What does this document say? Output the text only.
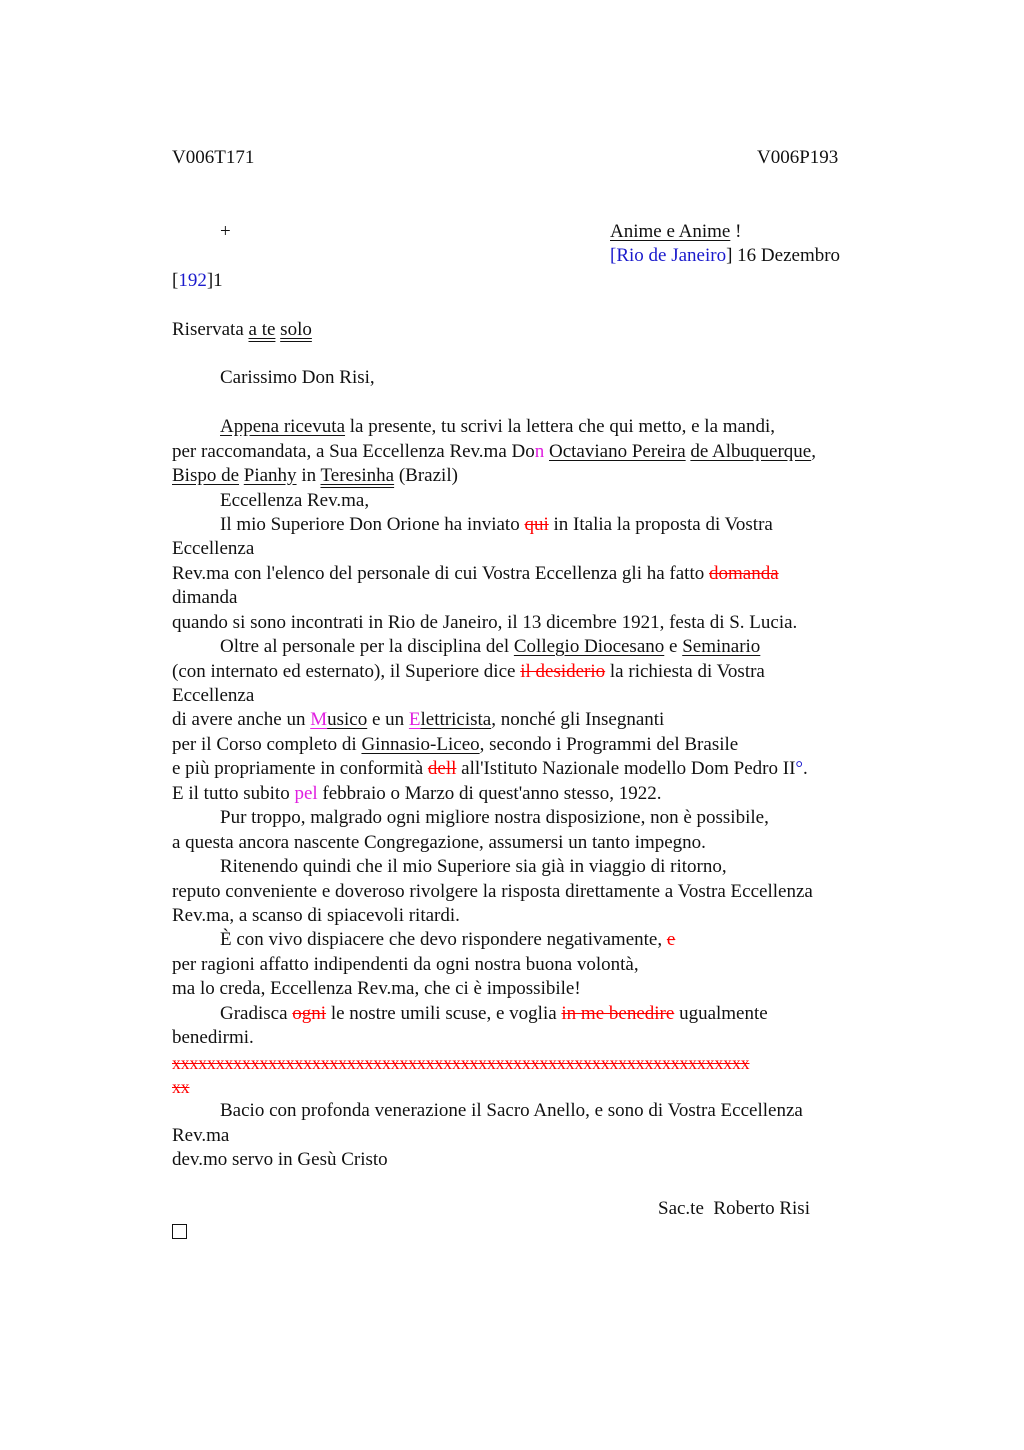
V006T171	V006P193
+	Anime e Anime !
[Rio de Janeiro] 16 Dezembro
[192]1
Riservata a te solo
Carissimo Don Risi,
Appena ricevuta la presente, tu scrivi la lettera che qui metto, e la mandi,
per raccomandata, a Sua Eccellenza Rev.ma Don Octaviano Pereira de Albuquerque,
Bispo de Pianhy in Teresinha (Brazil)
Eccellenza Rev.ma,
Il mio Superiore Don Orione ha inviato qui in Italia la proposta di Vostra
Eccellenza
Rev.ma con l'elenco del personale di cui Vostra Eccellenza gli ha fatto domanda
dimanda
quando si sono incontrati in Rio de Janeiro, il 13 dicembre 1921, festa di S. Lucia.
Oltre al personale per la disciplina del Collegio Diocesano e Seminario
(con internato ed esternato), il Superiore dice il desiderio la richiesta di Vostra
Eccellenza
di avere anche un Musico e un Elettricista, nonché gli Insegnanti
per il Corso completo di Ginnasio-Liceo, secondo i Programmi del Brasile
e più propriamente in conformità dell all'Istituto Nazionale modello Dom Pedro II°.
E il tutto subito pel febbraio o Marzo di quest'anno stesso, 1922.
Pur troppo, malgrado ogni migliore nostra disposizione, non è possibile,
a questa ancora nascente Congregazione, assumersi un tanto impegno.
Ritenendo quindi che il mio Superiore sia già in viaggio di ritorno,
reputo conveniente e doveroso rivolgere la risposta direttamente a Vostra Eccellenza
Rev.ma, a scanso di spiacevoli ritardi.
È con vivo dispiacere che devo rispondere negativamente, e
per ragioni affatto indipendenti da ogni nostra buona volontà,
ma lo creda, Eccellenza Rev.ma, che ci è impossibile!
Gradisca ogni le nostre umili scuse, e voglia in me benedire ugualmente
benedirmi.
xxxxxxxxxxxxxxxxxxxxxxxxxxxxxxxxxxxxxxxxxxxxxxxxxxxxxxxxxxxxxxxxxx
xx
Bacio con profonda venerazione il Sacro Anello, e sono di Vostra Eccellenza
Rev.ma
dev.mo servo in Gesù Cristo
Sac.te  Roberto Risi
